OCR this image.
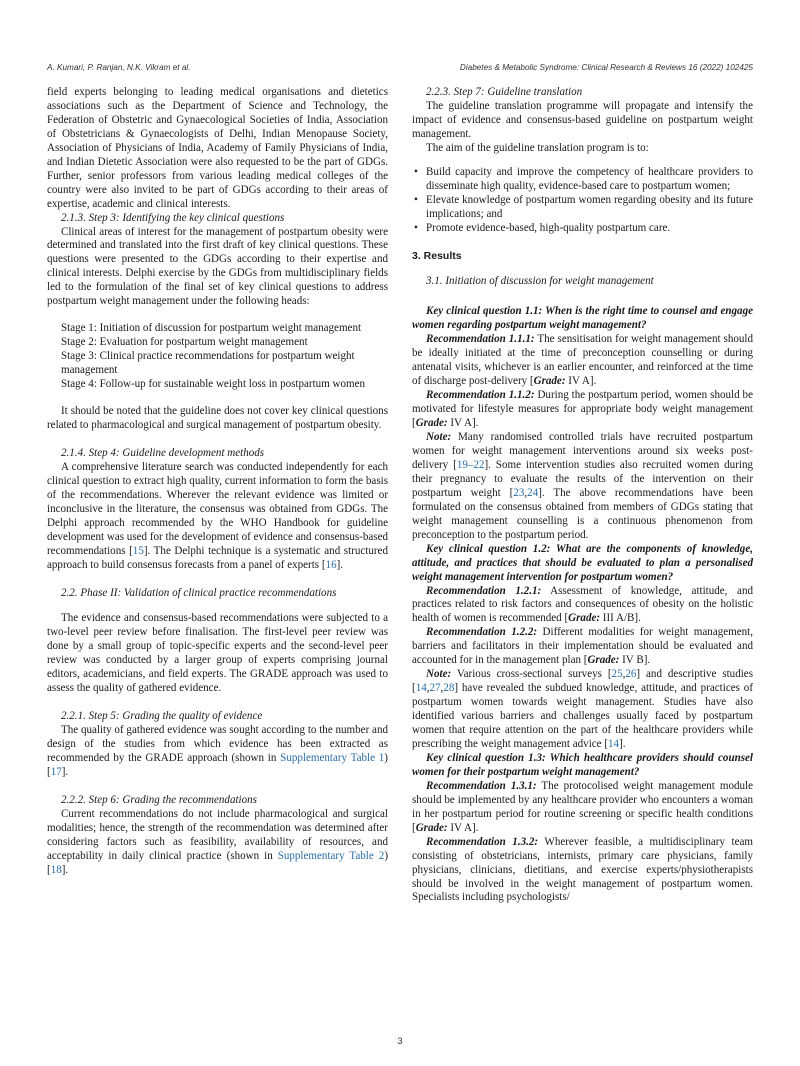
A. Kumari, P. Ranjan, N.K. Vikram et al.	Diabetes & Metabolic Syndrome: Clinical Research & Reviews 16 (2022) 102425

field experts belonging to leading medical organisations and dietetics associations such as the Department of Science and Technology, the Federation of Obstetric and Gynaecological Societies of India, Association of Obstetricians & Gynaecologists of Delhi, Indian Menopause Society, Association of Physicians of India, Academy of Family Physicians of India, and Indian Dietetic Association were also requested to be the part of GDGs. Further, senior professors from various leading medical colleges of the country were also invited to be part of GDGs according to their areas of expertise, academic and clinical interests.

2.1.3. Step 3: Identifying the key clinical questions

Clinical areas of interest for the management of postpartum obesity were determined and translated into the first draft of key clinical questions. These questions were presented to the GDGs according to their expertise and clinical interests. Delphi exercise by the GDGs from multidisciplinary fields led to the formulation of the final set of key clinical questions to address postpartum weight management under the following heads:

Stage 1: Initiation of discussion for postpartum weight management
Stage 2: Evaluation for postpartum weight management
Stage 3: Clinical practice recommendations for postpartum weight management
Stage 4: Follow-up for sustainable weight loss in postpartum women

It should be noted that the guideline does not cover key clinical questions related to pharmacological and surgical management of postpartum obesity.

2.1.4. Step 4: Guideline development methods

A comprehensive literature search was conducted independently for each clinical question to extract high quality, current information to form the basis of the recommendations. Wherever the relevant evidence was limited or inconclusive in the literature, the consensus was obtained from GDGs. The Delphi approach recommended by the WHO Handbook for guideline development was used for the development of evidence and consensus-based recommendations [15]. The Delphi technique is a systematic and structured approach to build consensus forecasts from a panel of experts [16].

2.2. Phase II: Validation of clinical practice recommendations

The evidence and consensus-based recommendations were subjected to a two-level peer review before finalisation. The first-level peer review was done by a small group of topic-specific experts and the second-level peer review was conducted by a larger group of experts comprising journal editors, academicians, and field experts. The GRADE approach was used to assess the quality of gathered evidence.

2.2.1. Step 5: Grading the quality of evidence

The quality of gathered evidence was sought according to the number and design of the studies from which evidence has been extracted as recommended by the GRADE approach (shown in Supplementary Table 1) [17].

2.2.2. Step 6: Grading the recommendations

Current recommendations do not include pharmacological and surgical modalities; hence, the strength of the recommendation was determined after considering factors such as feasibility, availability of resources, and acceptability in daily clinical practice (shown in Supplementary Table 2) [18].

2.2.3. Step 7: Guideline translation

The guideline translation programme will propagate and intensify the impact of evidence and consensus-based guideline on postpartum weight management.

The aim of the guideline translation program is to:

• Build capacity and improve the competency of healthcare providers to disseminate high quality, evidence-based care to postpartum women;
• Elevate knowledge of postpartum women regarding obesity and its future implications; and
• Promote evidence-based, high-quality postpartum care.
3. Results

3.1. Initiation of discussion for weight management

Key clinical question 1.1: When is the right time to counsel and engage women regarding postpartum weight management?

Recommendation 1.1.1: The sensitisation for weight management should be ideally initiated at the time of preconception counselling or during antenatal visits, whichever is an earlier encounter, and reinforced at the time of discharge post-delivery [Grade: IV A].

Recommendation 1.1.2: During the postpartum period, women should be motivated for lifestyle measures for appropriate body weight management [Grade: IV A].

Note: Many randomised controlled trials have recruited postpartum women for weight management interventions around six weeks post-delivery [19–22]. Some intervention studies also recruited women during their pregnancy to evaluate the results of the intervention on their postpartum weight [23,24]. The above recommendations have been formulated on the consensus obtained from members of GDGs stating that weight management counselling is a continuous phenomenon from preconception to the postpartum period.

Key clinical question 1.2: What are the components of knowledge, attitude, and practices that should be evaluated to plan a personalised weight management intervention for postpartum women?

Recommendation 1.2.1: Assessment of knowledge, attitude, and practices related to risk factors and consequences of obesity on the holistic health of women is recommended [Grade: III A/B].

Recommendation 1.2.2: Different modalities for weight management, barriers and facilitators in their implementation should be evaluated and accounted for in the management plan [Grade: IV B].

Note: Various cross-sectional surveys [25,26] and descriptive studies [14,27,28] have revealed the subdued knowledge, attitude, and practices of postpartum women towards weight management. Studies have also identified various barriers and challenges usually faced by postpartum women that require attention on the part of the healthcare providers while prescribing the weight management advice [14].

Key clinical question 1.3: Which healthcare providers should counsel women for their postpartum weight management?

Recommendation 1.3.1: The protocolised weight management module should be implemented by any healthcare provider who encounters a woman in her postpartum period for routine screening or specific health conditions [Grade: IV A].

Recommendation 1.3.2: Wherever feasible, a multidisciplinary team consisting of obstetricians, internists, primary care physicians, family physicians, clinicians, dietitians, and exercise experts/physiotherapists should be involved in the weight management of postpartum women. Specialists including psychologists/

3
